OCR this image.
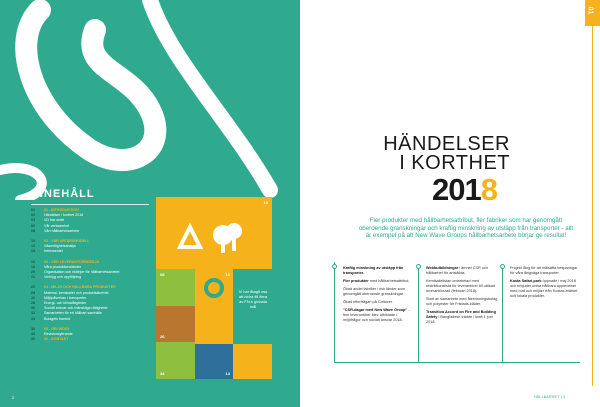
INNEHÅLL
01	01 - INTRODUKTION
02	Händelser i korthet 2018
04	VD har ordet
06	Vår verksamhet
08	Vårt hållbarhetsarbete
10	02 - VÅR AFFÄRSMODELL
12	Väsentlighetsanalys
14	Intressenter
16	03 - VÅR LEVERANTÖRSKEDJA
18	Våra produktionsländer
20	Organisation och riktlinjer för hållbarhetsarbetet
21	Verktyg och uppföljning
22	04 - MILJÖ OCH HÅLLBARA PRODUKTER
24	Material, kemikalier och produktsäkerhet
26	Miljöpåverkan i transporter
28	Energi- och klimatåtgärder
30	Socialt ansvar och mänskliga rättigheter
32	Samarbeten för ett hållbart samhälle
34	Bolagets framtid
36	05 - GRI INDEX
38	Revisionsyttrande
40	06 - KONTAKT
10
08	16
Vi har åtagit oss att bidra till flera av FN:s globala mål
26
34	14
2
01
HÄNDELSER
I KORTHET
2018
Fler produkter med hållbarhetsattribut, fler fabriker som har genomgått oberoende granskningar och kraftig minskning av utsläpp från transporter - allt är exempel på att New Wave Groups hållbarhetsarbete börjar ge resultat!

Kraftig minskning av utsläpp från transporter.

Fler produkter med hållbarhetsattribut.

Ökad andel fabriker i risk länder som genomgått oberoende granskningar.

Ökad efterfrågan på Cottover.

"CSR-dagar med New Wave Group" - fem leverantörer blev utbildade i miljöfrågor och socialt ansvar 2018.

Webbutbildningar i ämnet CSR och hållbarhet för anställda.

Kemikalielistan omarbetad med restriktionslista för leverantörer till utökad leverantörsrad (februari 2018).

Start av samarbete med återvinningsbolag och polyester för Fristads-kläder.

Transition Accord on Fire and Building Safety i Bangladesh trädde i kraft 1 juni 2018.

Projekt lång för att målsätta besparingar för våra långväga transporter.

Kosta Safari-park öppnade i maj 2018 och erbjuder unika hållbara upplevelser med mat och miljöer från Kostas-märket och lokala produkter.

HÅLLBARHET | 3
